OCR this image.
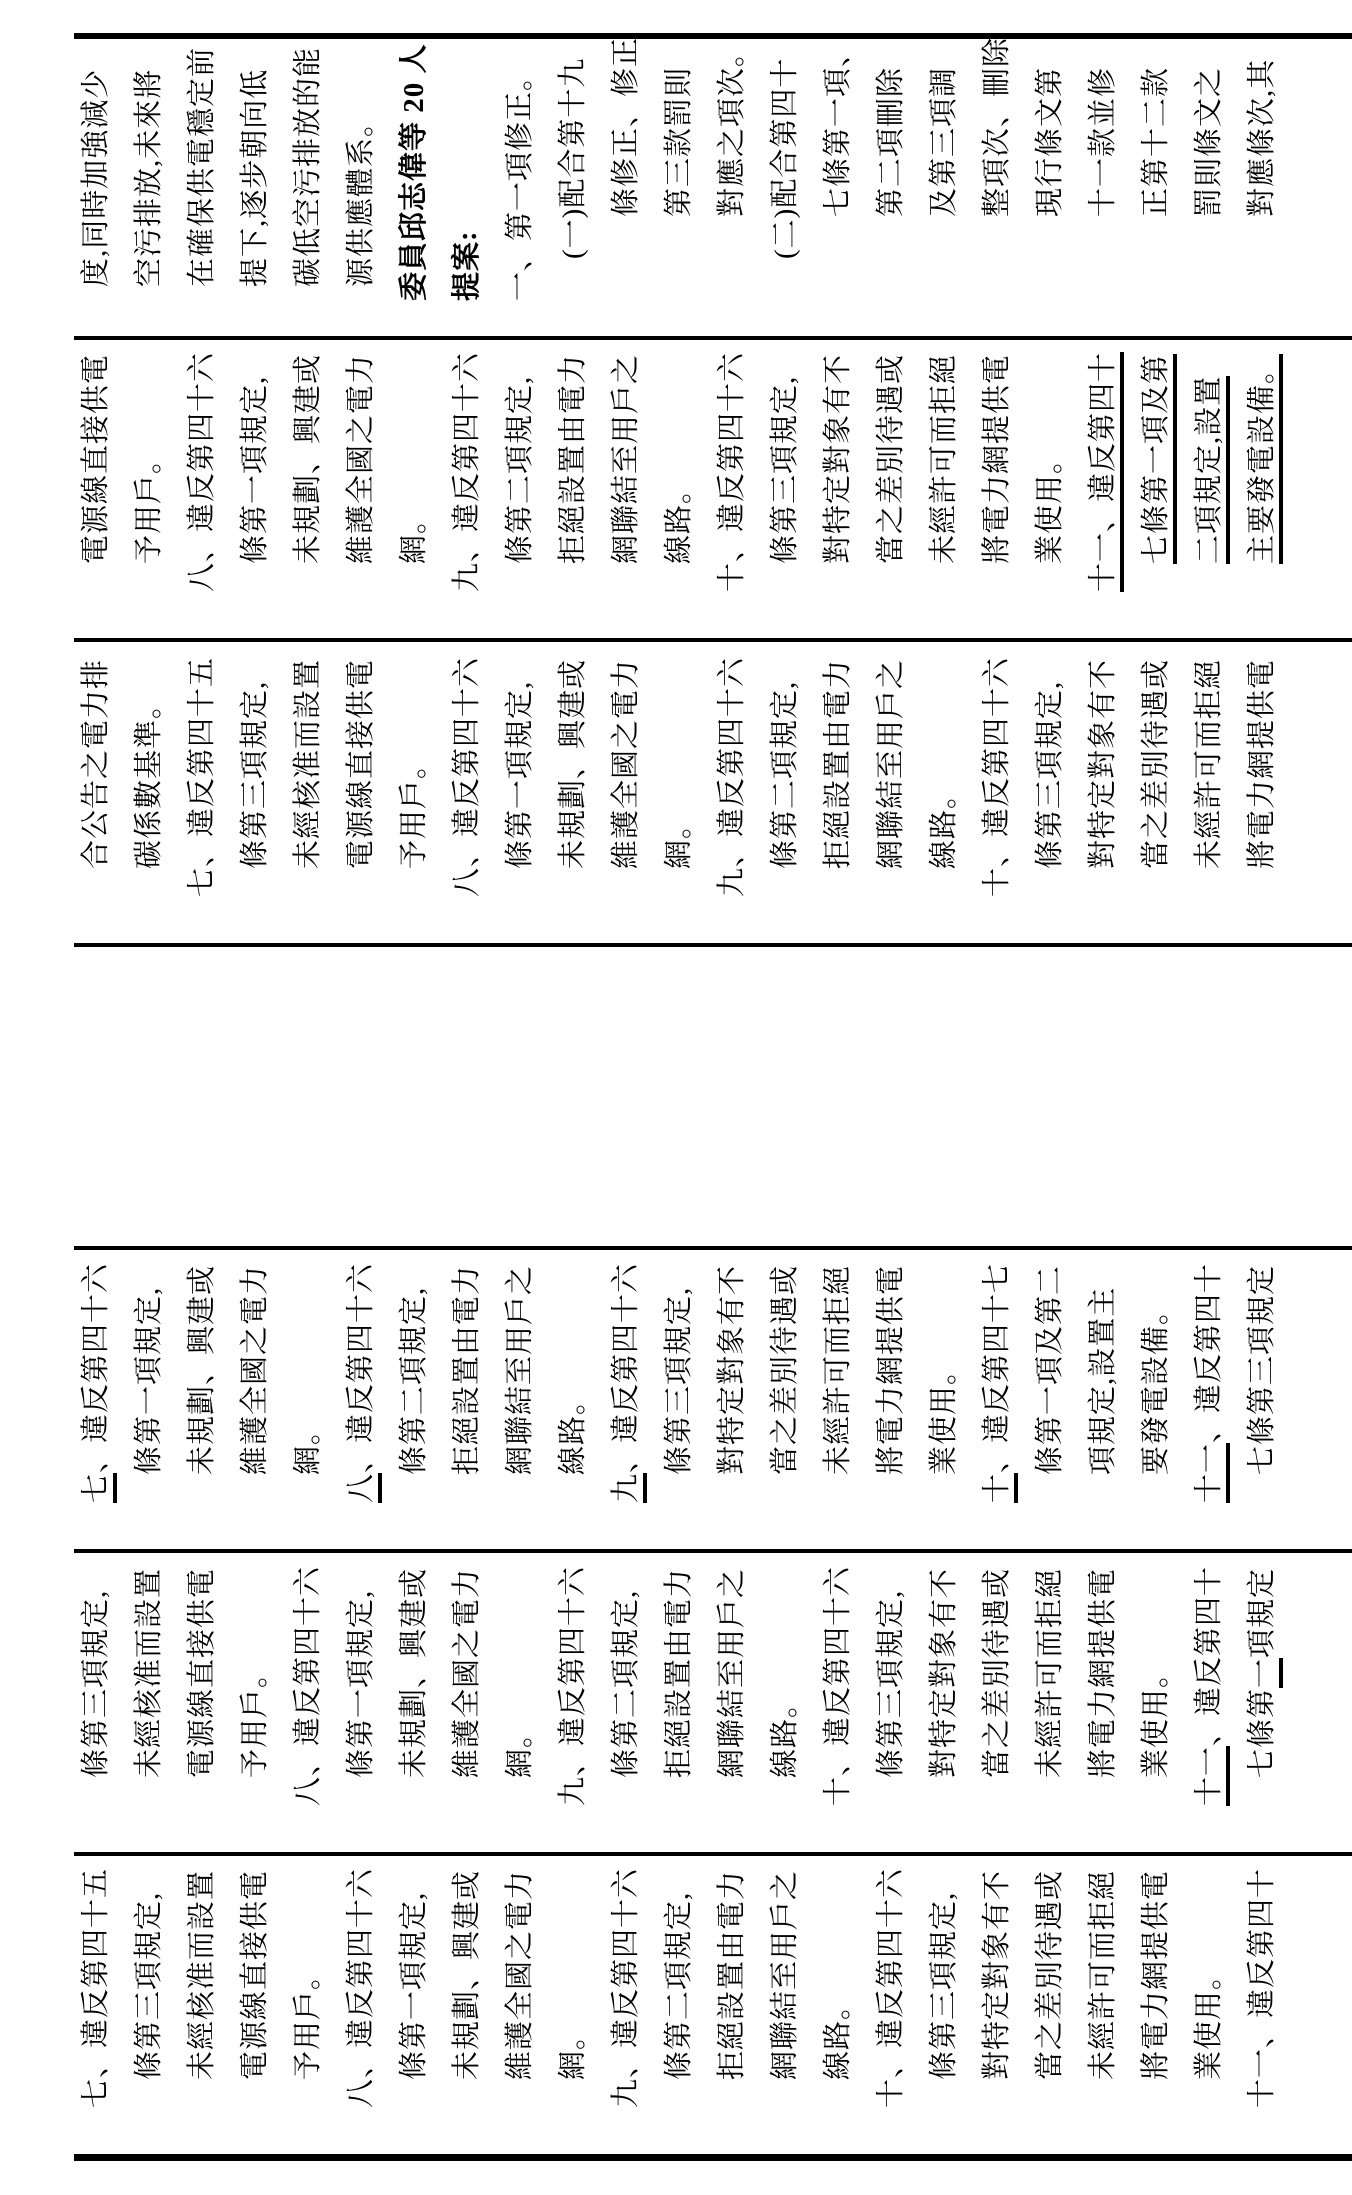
度,同時加強減少 空污排放,未來將 在確保供電穩定前 提下,逐步朝向低 碳低空污排放的能 源供應體系。 委員邱志偉等 20 人 提案: 一、第一項修正。 (一)配合第十九 條修正、修正 第三款罰則 對應之項次。 (二)配合第四十 七條第一項、 第二項刪除 及第三項調 整項次、刪除 現行條文第 十一款並修 正第十二款 罰則條文之 對應條次,其
電源線直接供電 予用戶。 八、違反第四十六 條第一項規定, 未規劃、興建或 維護全國之電力 網。 九、違反第四十六 條第二項規定, 拒絕設置由電力 網聯結至用戶之 線路。 十、違反第四十六 條第三項規定, 對特定對象有不 當之差別待遇或 未經許可而拒絕 將電力網提供電 業使用。 十一、違反第四十 七條第一項及第 二項規定,設置 主要發電設備。
合公告之電力排 碳係數基準。 七、違反第四十五 條第三項規定, 未經核准而設置 電源線直接供電 予用戶。 八、違反第四十六 條第一項規定, 未規劃、興建或 維護全國之電力 網。 九、違反第四十六 條第二項規定, 拒絕設置由電力 網聯結至用戶之 線路。 十、違反第四十六 條第三項規定, 對特定對象有不 當之差別待遇或 未經許可而拒絕 將電力網提供電
七、違反第四十六 條第一項規定, 未規劃、興建或 維護全國之電力 網。
八、違反第四十六 條第二項規定, 拒絕設置由電力 網聯結至用戶之 線路。
九、違反第四十六 條第三項規定, 對特定對象有不 當之差別待遇或 未經許可而拒絕 將電力網提供電 業使用。
十、違反第四十七 條第一項及第二 項規定,設置主 要發電設備。 十一、違反第四十 七條第三項規定
條第三項規定, 未經核准而設置 電源線直接供電 予用戶。 八、違反第四十六 條第一項規定, 未規劃、興建或 維護全國之電力 網。 九、違反第四十六 條第二項規定, 拒絕設置由電力 網聯結至用戶之 線路。 十、違反第四十六 條第三項規定, 對特定對象有不 當之差別待遇或 未經許可而拒絕 將電力網提供電 業使用。 十一、違反第四十 七條第一項規定
七、違反第四十五 條第三項規定, 未經核准而設置 電源線直接供電 予用戶。 八、違反第四十六 條第一項規定, 未規劃、興建或 維護全國之電力 網。 九、違反第四十六 條第二項規定, 拒絕設置由電力 網聯結至用戶之 線路。 十、違反第四十六 條第三項規定, 對特定對象有不 當之差別待遇或 未經許可而拒絕 將電力網提供電 業使用。 十一、違反第四十
